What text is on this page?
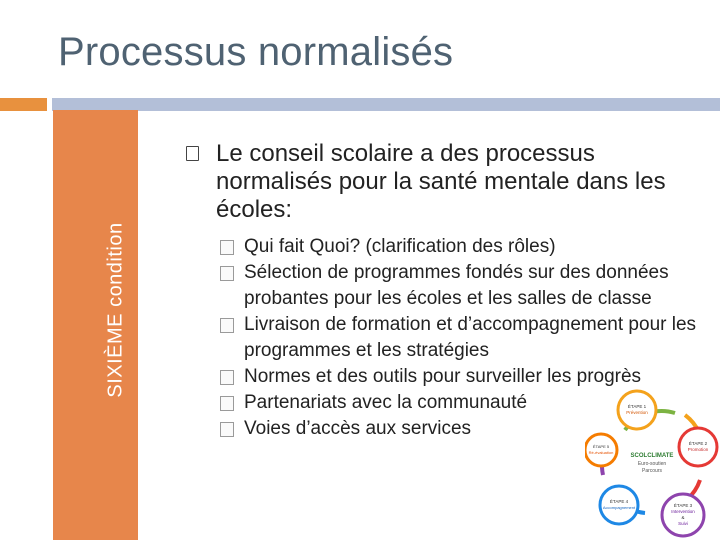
Processus normalisés
SIXIÈME condition
Le conseil scolaire a des processus normalisés pour la santé mentale dans les écoles:
Qui fait Quoi? (clarification des rôles)
Sélection de programmes fondés sur des données probantes pour les écoles et les salles de classe
Livraison de formation et d’accompagnement pour les programmes et les stratégies
Normes et des outils pour surveiller les progrès
Partenariats avec la communauté
Voies d’accès aux services
SCOLCLIMATE
Euro-soutien
Parcours
ÉTAPE 1
Prévention
ÉTAPE 2
Promotion
ÉTAPE 3
Intervention
&
Suivi
ÉTAPE 4
Accompagnement
ÉTAPE 5
Ré-évaluation
